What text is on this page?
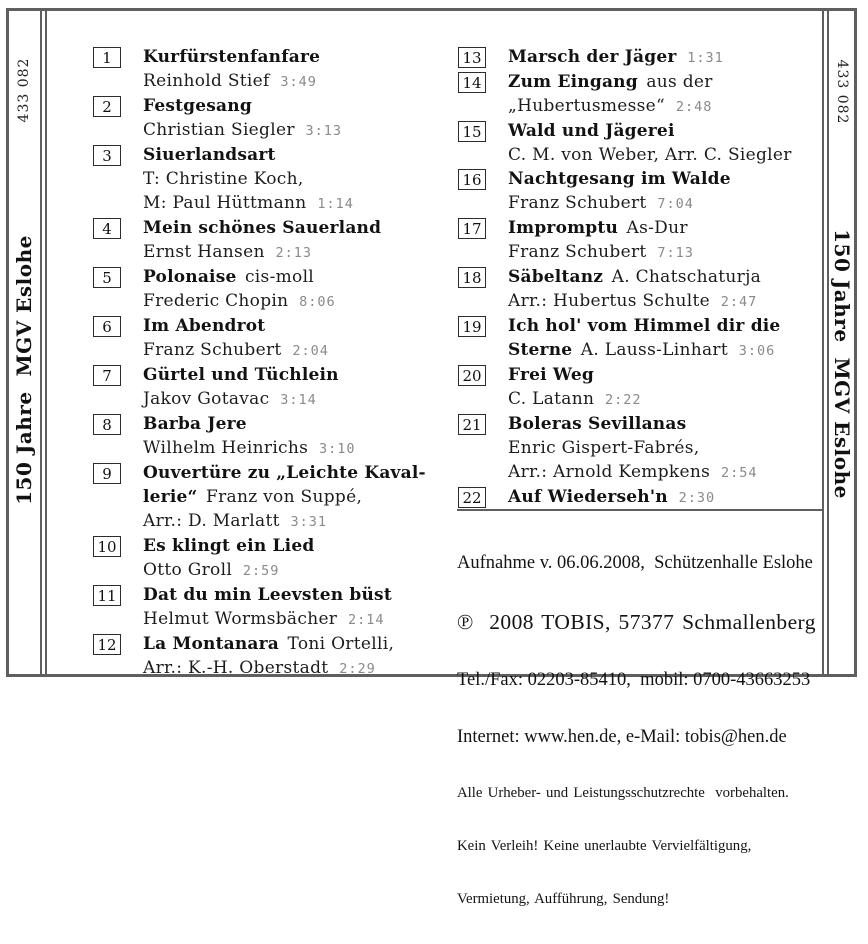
433 082
150 Jahre  MGV Eslohe
433 082
150 Jahre  MGV Eslohe
1	Kurfürstenfanfare
Reinhold Stief 3:49
2	Festgesang
Christian Siegler 3:13
3	Siuerlandsart
T: Christine Koch,
M: Paul Hüttmann 1:14
4	Mein schönes Sauerland
Ernst Hansen 2:13
5	Polonaise cis-moll
Frederic Chopin 8:06
6	Im Abendrot
Franz Schubert 2:04
7	Gürtel und Tüchlein
Jakov Gotavac 3:14
8	Barba Jere
Wilhelm Heinrichs 3:10
9	Ouvertüre zu „Leichte Kaval-
lerie“ Franz von Suppé,
Arr.: D. Marlatt 3:31
10 Es klingt ein Lied
Otto Groll 2:59
11 Dat du min Leevsten büst
Helmut Wormsbächer 2:14
12 La Montanara Toni Ortelli,
Arr.: K.-H. Oberstadt 2:29
13 Marsch der Jäger 1:31
14 Zum Eingang aus der
„Hubertusmesse“ 2:48
15 Wald und Jägerei
C. M. von Weber, Arr. C. Siegler
16 Nachtgesang im Walde
Franz Schubert 7:04
17 Impromptu As-Dur
Franz Schubert 7:13
18 Säbeltanz A. Chatschaturja
Arr.: Hubertus Schulte 2:47
19 Ich hol' vom Himmel dir die
Sterne A. Lauss-Linhart 3:06
20 Frei Weg
C. Latann 2:22
21 Boleras Sevillanas
Enric Gispert-Fabrés,
Arr.: Arnold Kempkens 2:54
22 Auf Wiederseh'n 2:30

Aufnahme v. 06.06.2008,  Schützenhalle Eslohe

℗  2008 TOBIS, 57377 Schmallenberg

Tel./Fax: 02203-85410,  mobil: 0700-43663253

Internet: www.hen.de, e-Mail: tobis@hen.de

Alle Urheber- und Leistungsschutzrechte  vorbehalten.

Kein Verleih! Keine unerlaubte Vervielfältigung,

Vermietung, Aufführung, Sendung!
